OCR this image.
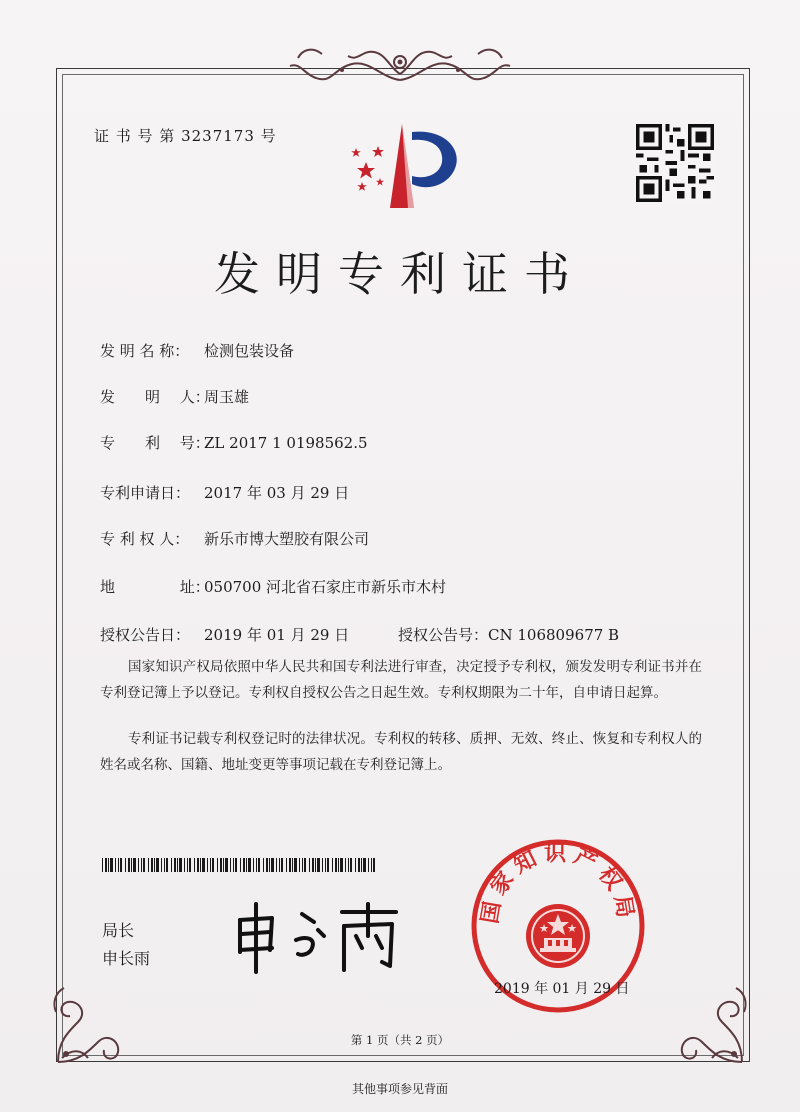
证 书 号 第 3237173 号
发明专利证书
发 明 名 称： 检测包装设备
发　　明　 人：周玉雄
专　　利　 号：ZL 2017 1 0198562.5
专利申请日： 2017 年 03 月 29 日
专 利 权 人： 新乐市博大塑胶有限公司
地　　　　 址：050700 河北省石家庄市新乐市木村
授权公告日： 2019 年 01 月 29 日	授权公告号：CN 106809677 B
国家知识产权局依照中华人民共和国专利法进行审查，决定授予专利权，颁发发明专利证书并在专利登记簿上予以登记。专利权自授权公告之日起生效。专利权期限为二十年，自申请日起算。
专利证书记载专利权登记时的法律状况。专利权的转移、质押、无效、终止、恢复和专利权人的姓名或名称、国籍、地址变更等事项记载在专利登记簿上。
局长
申长雨
国家知识产权局
2019 年 01 月 29 日
第 1 页（共 2 页）
其他事项参见背面
